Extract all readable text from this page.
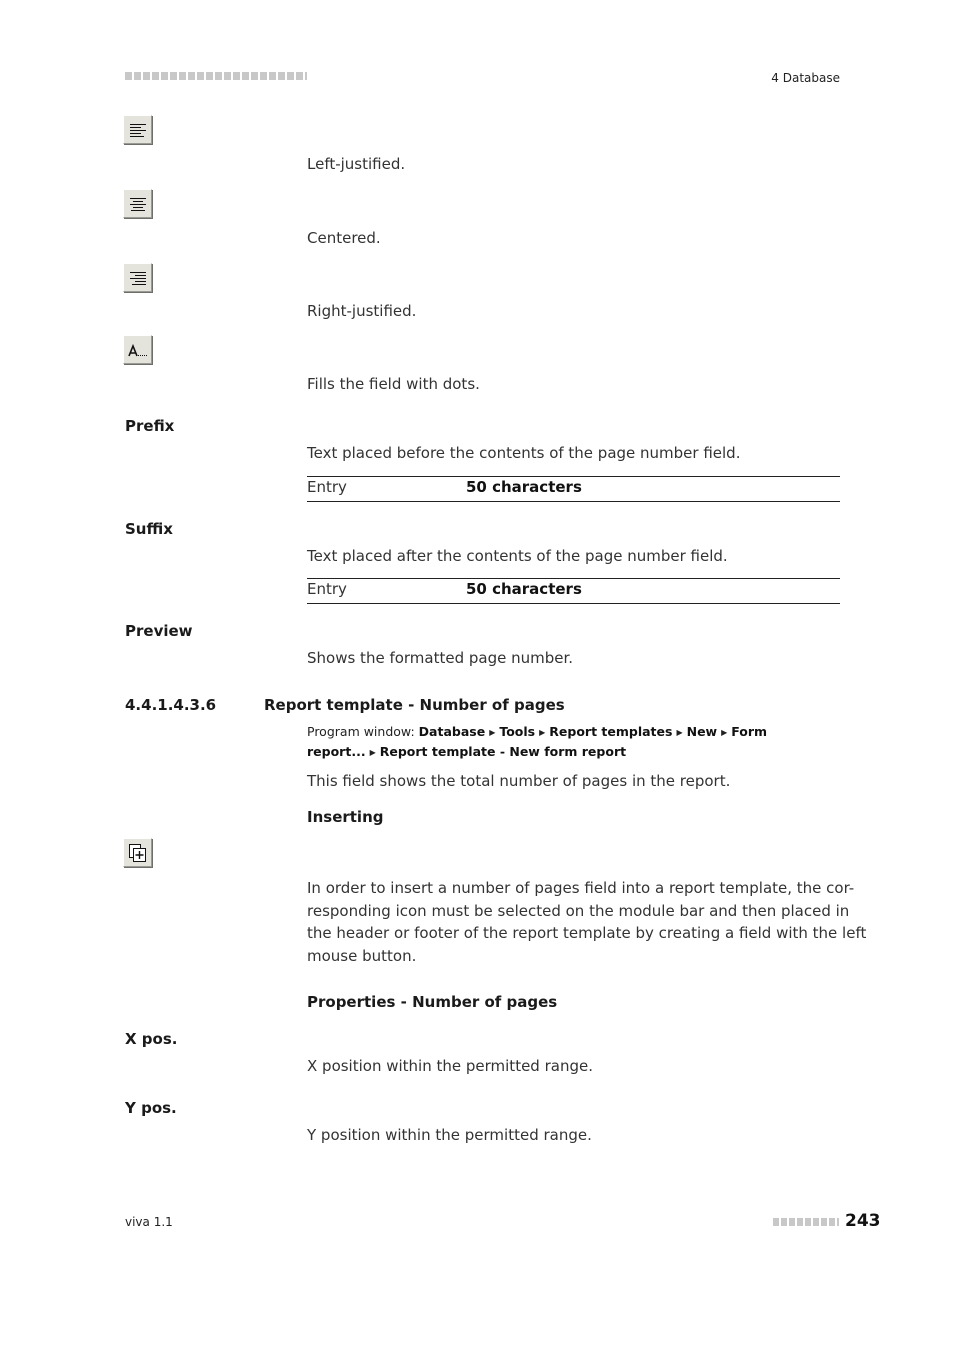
4 Database
Left-justified.
Centered.
Right-justified.
Fills the field with dots.
Prefix
Text placed before the contents of the page number field.
Entry	50 characters
Suffix
Text placed after the contents of the page number field.
Entry	50 characters
Preview
Shows the formatted page number.
4.4.1.4.3.6	Report template - Number of pages
Program window: Database ▶ Tools ▶ Report templates ▶ New ▶ Form report... ▶ Report template - New form report
This field shows the total number of pages in the report.
Inserting
In order to insert a number of pages field into a report template, the cor-
responding icon must be selected on the module bar and then placed in
the header or footer of the report template by creating a field with the left
mouse button.
Properties - Number of pages
X pos.
X position within the permitted range.
Y pos.
Y position within the permitted range.
viva 1.1	243
